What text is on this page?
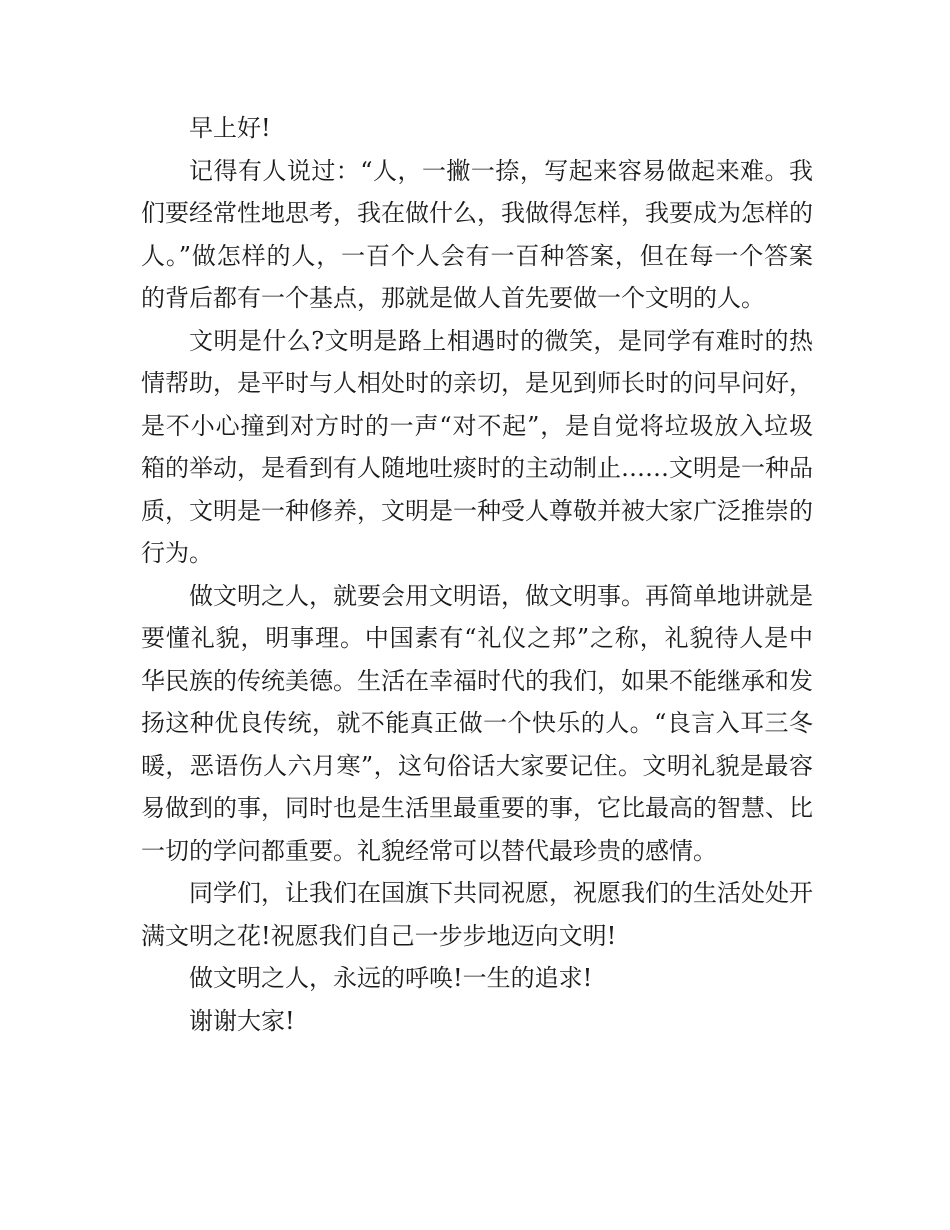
早上好!

记得有人说过：“人，一撇一捺，写起来容易做起来难。我们要经常性地思考，我在做什么，我做得怎样，我要成为怎样的人。”做怎样的人，一百个人会有一百种答案，但在每一个答案的背后都有一个基点，那就是做人首先要做一个文明的人。

文明是什么?文明是路上相遇时的微笑，是同学有难时的热情帮助，是平时与人相处时的亲切，是见到师长时的问早问好，是不小心撞到对方时的一声“对不起”，是自觉将垃圾放入垃圾箱的举动，是看到有人随地吐痰时的主动制止……文明是一种品质，文明是一种修养，文明是一种受人尊敬并被大家广泛推崇的行为。

做文明之人，就要会用文明语，做文明事。再简单地讲就是要懂礼貌，明事理。中国素有“礼仪之邦”之称，礼貌待人是中华民族的传统美德。生活在幸福时代的我们，如果不能继承和发扬这种优良传统，就不能真正做一个快乐的人。“良言入耳三冬暖，恶语伤人六月寒”，这句俗话大家要记住。文明礼貌是最容易做到的事，同时也是生活里最重要的事，它比最高的智慧、比一切的学问都重要。礼貌经常可以替代最珍贵的感情。

同学们，让我们在国旗下共同祝愿，祝愿我们的生活处处开满文明之花!祝愿我们自己一步步地迈向文明!

做文明之人，永远的呼唤!一生的追求!

谢谢大家!
